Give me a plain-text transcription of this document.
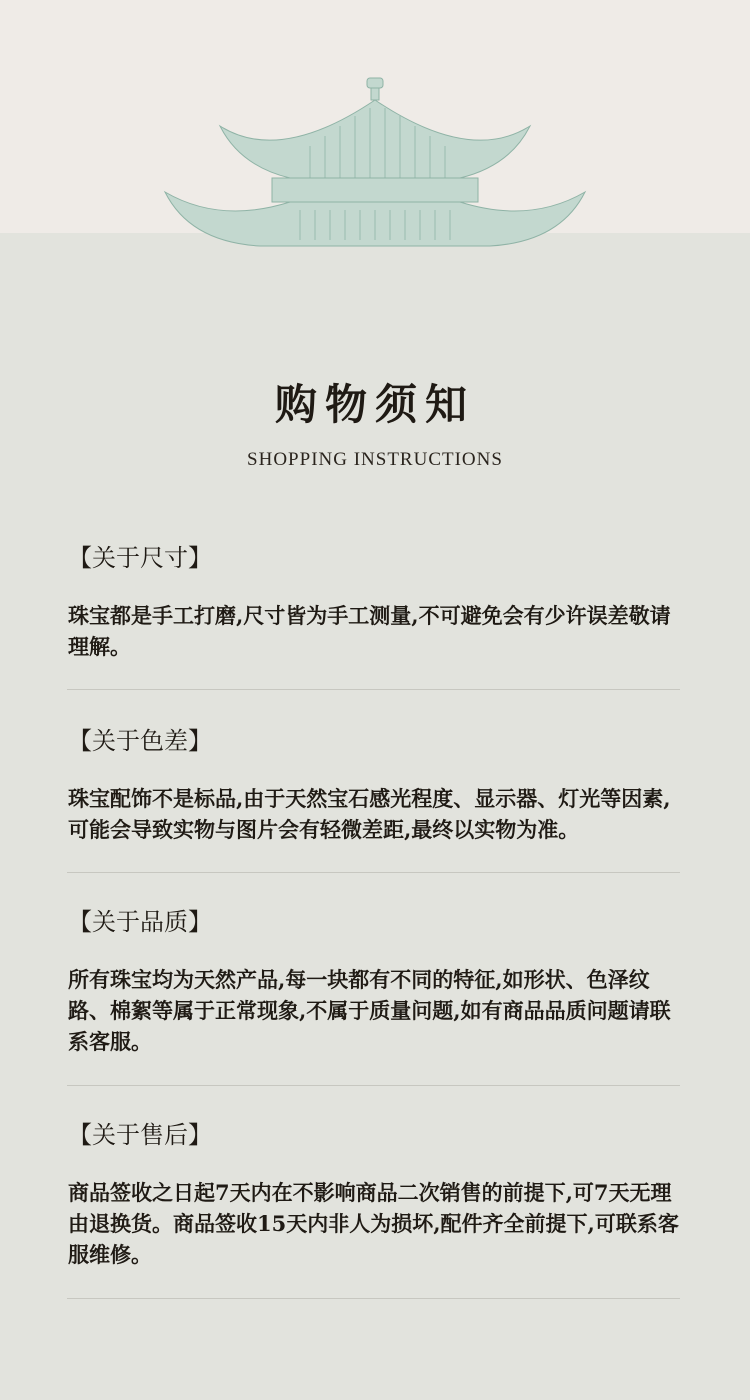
购物须知
SHOPPING INSTRUCTIONS

【关于尺寸】

珠宝都是手工打磨,尺寸皆为手工测量,不可避免会有少许误差敬请理解。

【关于色差】

珠宝配饰不是标品,由于天然宝石感光程度、显示器、灯光等因素,可能会导致实物与图片会有轻微差距,最终以实物为准。

【关于品质】

所有珠宝均为天然产品,每一块都有不同的特征,如形状、色泽纹路、棉絮等属于正常现象,不属于质量问题,如有商品品质问题请联系客服。

【关于售后】

商品签收之日起7天内在不影响商品二次销售的前提下,可7天无理由退换货。商品签收15天内非人为损坏,配件齐全前提下,可联系客服维修。
